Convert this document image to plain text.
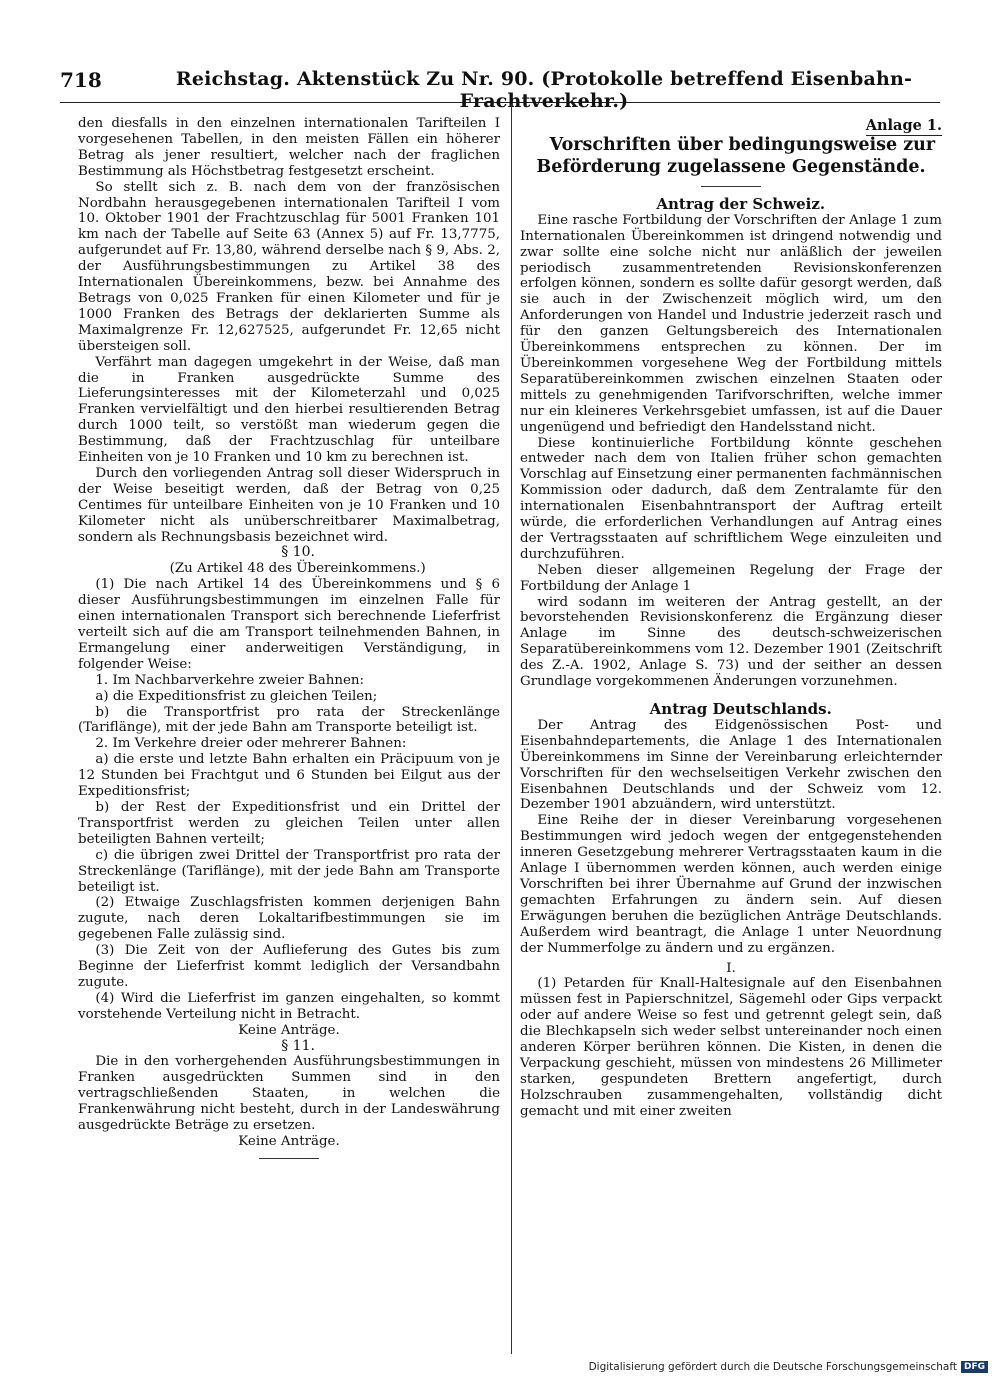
718	Reichstag. Aktenstück Zu Nr. 90. (Protokolle betreffend Eisenbahn-Frachtverkehr.)

den diesfalls in den einzelnen internationalen Tarifteilen I vorgesehenen Tabellen, in den meisten Fällen ein höherer Betrag als jener resultiert, welcher nach der fraglichen Bestimmung als Höchstbetrag festgesetzt erscheint.

So stellt sich z. B. nach dem von der französischen Nordbahn herausgegebenen internationalen Tarifteil I vom 10. Oktober 1901 der Frachtzuschlag für 5001 Franken 101 km nach der Tabelle auf Seite 63 (Annex 5) auf Fr. 13,7775, aufgerundet auf Fr. 13,80, während derselbe nach § 9, Abs. 2, der Ausführungsbestimmungen zu Artikel 38 des Internationalen Übereinkommens, bezw. bei Annahme des Betrags von 0,025 Franken für einen Kilometer und für je 1000 Franken des Betrags der deklarierten Summe als Maximalgrenze Fr. 12,627525, aufgerundet Fr. 12,65 nicht übersteigen soll.

Verfährt man dagegen umgekehrt in der Weise, daß man die in Franken ausgedrückte Summe des Lieferungsinteresses mit der Kilometerzahl und 0,025 Franken vervielfältigt und den hierbei resultierenden Betrag durch 1000 teilt, so verstößt man wiederum gegen die Bestimmung, daß der Frachtzuschlag für unteilbare Einheiten von je 10 Franken und 10 km zu berechnen ist.

Durch den vorliegenden Antrag soll dieser Widerspruch in der Weise beseitigt werden, daß der Betrag von 0,25 Centimes für unteilbare Einheiten von je 10 Franken und 10 Kilometer nicht als unüberschreitbarer Maximalbetrag, sondern als Rechnungsbasis bezeichnet wird.

§ 10.

(Zu Artikel 48 des Übereinkommens.)

(1) Die nach Artikel 14 des Übereinkommens und § 6 dieser Ausführungsbestimmungen im einzelnen Falle für einen internationalen Transport sich berechnende Lieferfrist verteilt sich auf die am Transport teilnehmenden Bahnen, in Ermangelung einer anderweitigen Verständigung, in folgender Weise:

1. Im Nachbarverkehre zweier Bahnen:

a) die Expeditionsfrist zu gleichen Teilen;

b) die Transportfrist pro rata der Streckenlänge (Tariflänge), mit der jede Bahn am Transporte beteiligt ist.

2. Im Verkehre dreier oder mehrerer Bahnen:

a) die erste und letzte Bahn erhalten ein Präcipuum von je 12 Stunden bei Frachtgut und 6 Stunden bei Eilgut aus der Expeditionsfrist;

b) der Rest der Expeditionsfrist und ein Drittel der Transportfrist werden zu gleichen Teilen unter allen beteiligten Bahnen verteilt;

c) die übrigen zwei Drittel der Transportfrist pro rata der Streckenlänge (Tariflänge), mit der jede Bahn am Transporte beteiligt ist.

(2) Etwaige Zuschlagsfristen kommen derjenigen Bahn zugute, nach deren Lokaltarifbestimmungen sie im gegebenen Falle zulässig sind.

(3) Die Zeit von der Auflieferung des Gutes bis zum Beginne der Lieferfrist kommt lediglich der Versandbahn zugute.

(4) Wird die Lieferfrist im ganzen eingehalten, so kommt vorstehende Verteilung nicht in Betracht.

Keine Anträge.

§ 11.

Die in den vorhergehenden Ausführungsbestimmungen in Franken ausgedrückten Summen sind in den vertragschließenden Staaten, in welchen die Frankenwährung nicht besteht, durch in der Landeswährung ausgedrückte Beträge zu ersetzen.

Keine Anträge.

Anlage 1.

Vorschriften über bedingungsweise zur Beförderung zugelassene Gegenstände.

Antrag der Schweiz.

Eine rasche Fortbildung der Vorschriften der Anlage 1 zum Internationalen Übereinkommen ist dringend notwendig und zwar sollte eine solche nicht nur anläßlich der jeweilen periodisch zusammentretenden Revisionskonferenzen erfolgen können, sondern es sollte dafür gesorgt werden, daß sie auch in der Zwischenzeit möglich wird, um den Anforderungen von Handel und Industrie jederzeit rasch und für den ganzen Geltungsbereich des Internationalen Übereinkommens entsprechen zu können. Der im Übereinkommen vorgesehene Weg der Fortbildung mittels Separatübereinkommen zwischen einzelnen Staaten oder mittels zu genehmigenden Tarifvorschriften, welche immer nur ein kleineres Verkehrsgebiet umfassen, ist auf die Dauer ungenügend und befriedigt den Handelsstand nicht.

Diese kontinuierliche Fortbildung könnte geschehen entweder nach dem von Italien früher schon gemachten Vorschlag auf Einsetzung einer permanenten fachmännischen Kommission oder dadurch, daß dem Zentralamte für den internationalen Eisenbahntransport der Auftrag erteilt würde, die erforderlichen Verhandlungen auf Antrag eines der Vertragsstaaten auf schriftlichem Wege einzuleiten und durchzuführen.

Neben dieser allgemeinen Regelung der Frage der Fortbildung der Anlage 1

wird sodann im weiteren der Antrag gestellt, an der bevorstehenden Revisionskonferenz die Ergänzung dieser Anlage im Sinne des deutsch-schweizerischen Separatübereinkommens vom 12. Dezember 1901 (Zeitschrift des Z.-A. 1902, Anlage S. 73) und der seither an dessen Grundlage vorgekommenen Änderungen vorzunehmen.

Antrag Deutschlands.

Der Antrag des Eidgenössischen Post- und Eisenbahndepartements, die Anlage 1 des Internationalen Übereinkommens im Sinne der Vereinbarung erleichternder Vorschriften für den wechselseitigen Verkehr zwischen den Eisenbahnen Deutschlands und der Schweiz vom 12. Dezember 1901 abzuändern, wird unterstützt.

Eine Reihe der in dieser Vereinbarung vorgesehenen Bestimmungen wird jedoch wegen der entgegenstehenden inneren Gesetzgebung mehrerer Vertragsstaaten kaum in die Anlage I übernommen werden können, auch werden einige Vorschriften bei ihrer Übernahme auf Grund der inzwischen gemachten Erfahrungen zu ändern sein. Auf diesen Erwägungen beruhen die bezüglichen Anträge Deutschlands. Außerdem wird beantragt, die Anlage 1 unter Neuordnung der Nummerfolge zu ändern und zu ergänzen.

I.

(1) Petarden für Knall-Haltesignale auf den Eisenbahnen müssen fest in Papierschnitzel, Sägemehl oder Gips verpackt oder auf andere Weise so fest und getrennt gelegt sein, daß die Blechkapseln sich weder selbst untereinander noch einen anderen Körper berühren können. Die Kisten, in denen die Verpackung geschieht, müssen von mindestens 26 Millimeter starken, gespundeten Brettern angefertigt, durch Holzschrauben zusammengehalten, vollständig dicht gemacht und mit einer zweiten

Digitalisierung gefördert durch die Deutsche Forschungsgemeinschaft DFG
